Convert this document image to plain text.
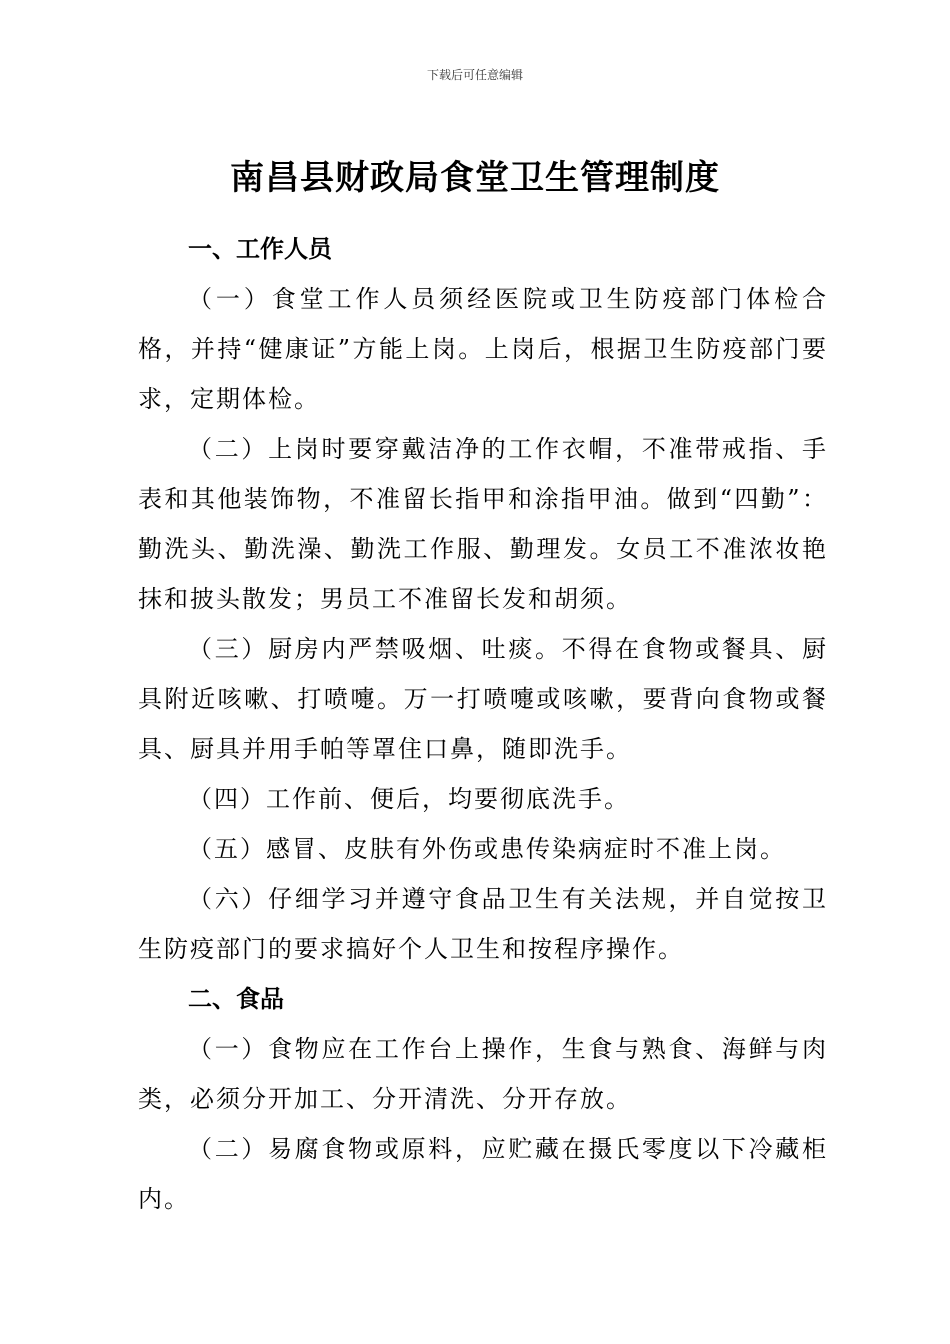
下载后可任意编辑
南昌县财政局食堂卫生管理制度
一、工作人员

（一）食堂工作人员须经医院或卫生防疫部门体检合格，并持“健康证”方能上岗。上岗后，根据卫生防疫部门要求，定期体检。

（二）上岗时要穿戴洁净的工作衣帽，不准带戒指、手表和其他装饰物，不准留长指甲和涂指甲油。做到“四勤”：勤洗头、勤洗澡、勤洗工作服、勤理发。女员工不准浓妆艳抹和披头散发；男员工不准留长发和胡须。

（三）厨房内严禁吸烟、吐痰。不得在食物或餐具、厨具附近咳嗽、打喷嚏。万一打喷嚏或咳嗽，要背向食物或餐具、厨具并用手帕等罩住口鼻，随即洗手。

（四）工作前、便后，均要彻底洗手。

（五）感冒、皮肤有外伤或患传染病症时不准上岗。

（六）仔细学习并遵守食品卫生有关法规，并自觉按卫生防疫部门的要求搞好个人卫生和按程序操作。

二、食品

（一）食物应在工作台上操作，生食与熟食、海鲜与肉类，必须分开加工、分开清洗、分开存放。

（二）易腐食物或原料，应贮藏在摄氏零度以下冷藏柜内。
